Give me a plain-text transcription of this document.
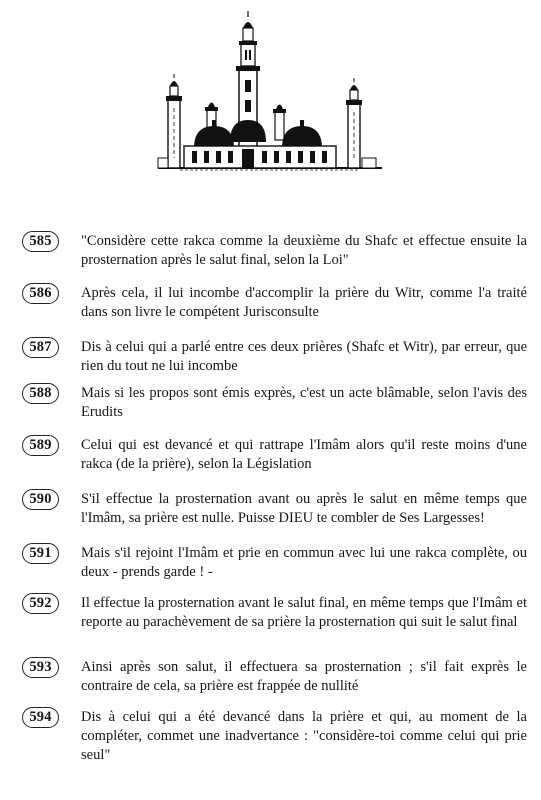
585	"Considère cette rakca comme la deuxième du Shafc et effectue ensuite la prosternation après le salut final, selon la Loi"
586	Après cela, il lui incombe d'accomplir la prière du Witr, comme l'a traité dans son livre le compétent Jurisconsulte
587	Dis à celui qui a parlé entre ces deux prières (Shafc et Witr), par erreur, que rien du tout ne lui incombe
588	Mais si les propos sont émis exprès, c'est un acte blâmable, selon l'avis des Erudits
589	Celui qui est devancé et qui rattrape l'Imâm alors qu'il reste moins d'une rakca (de la prière), selon la Législation
590	S'il effectue la prosternation avant ou après le salut en même temps que l'Imâm, sa prière est nulle. Puisse DIEU te combler de Ses Largesses!
591	Mais s'il rejoint l'Imâm et prie en commun avec lui une rakca complète, ou deux - prends garde ! -
592	Il effectue la prosternation avant le salut final, en même temps que l'Imâm et reporte au parachèvement de sa prière la prosternation qui suit le salut final
593	Ainsi après son salut, il effectuera sa prosternation ; s'il fait exprès le contraire de cela, sa prière est frappée de nullité
594	Dis à celui qui a été devancé dans la prière et qui, au moment de la compléter, commet une inadvertance : "considère-toi comme celui qui prie seul"
